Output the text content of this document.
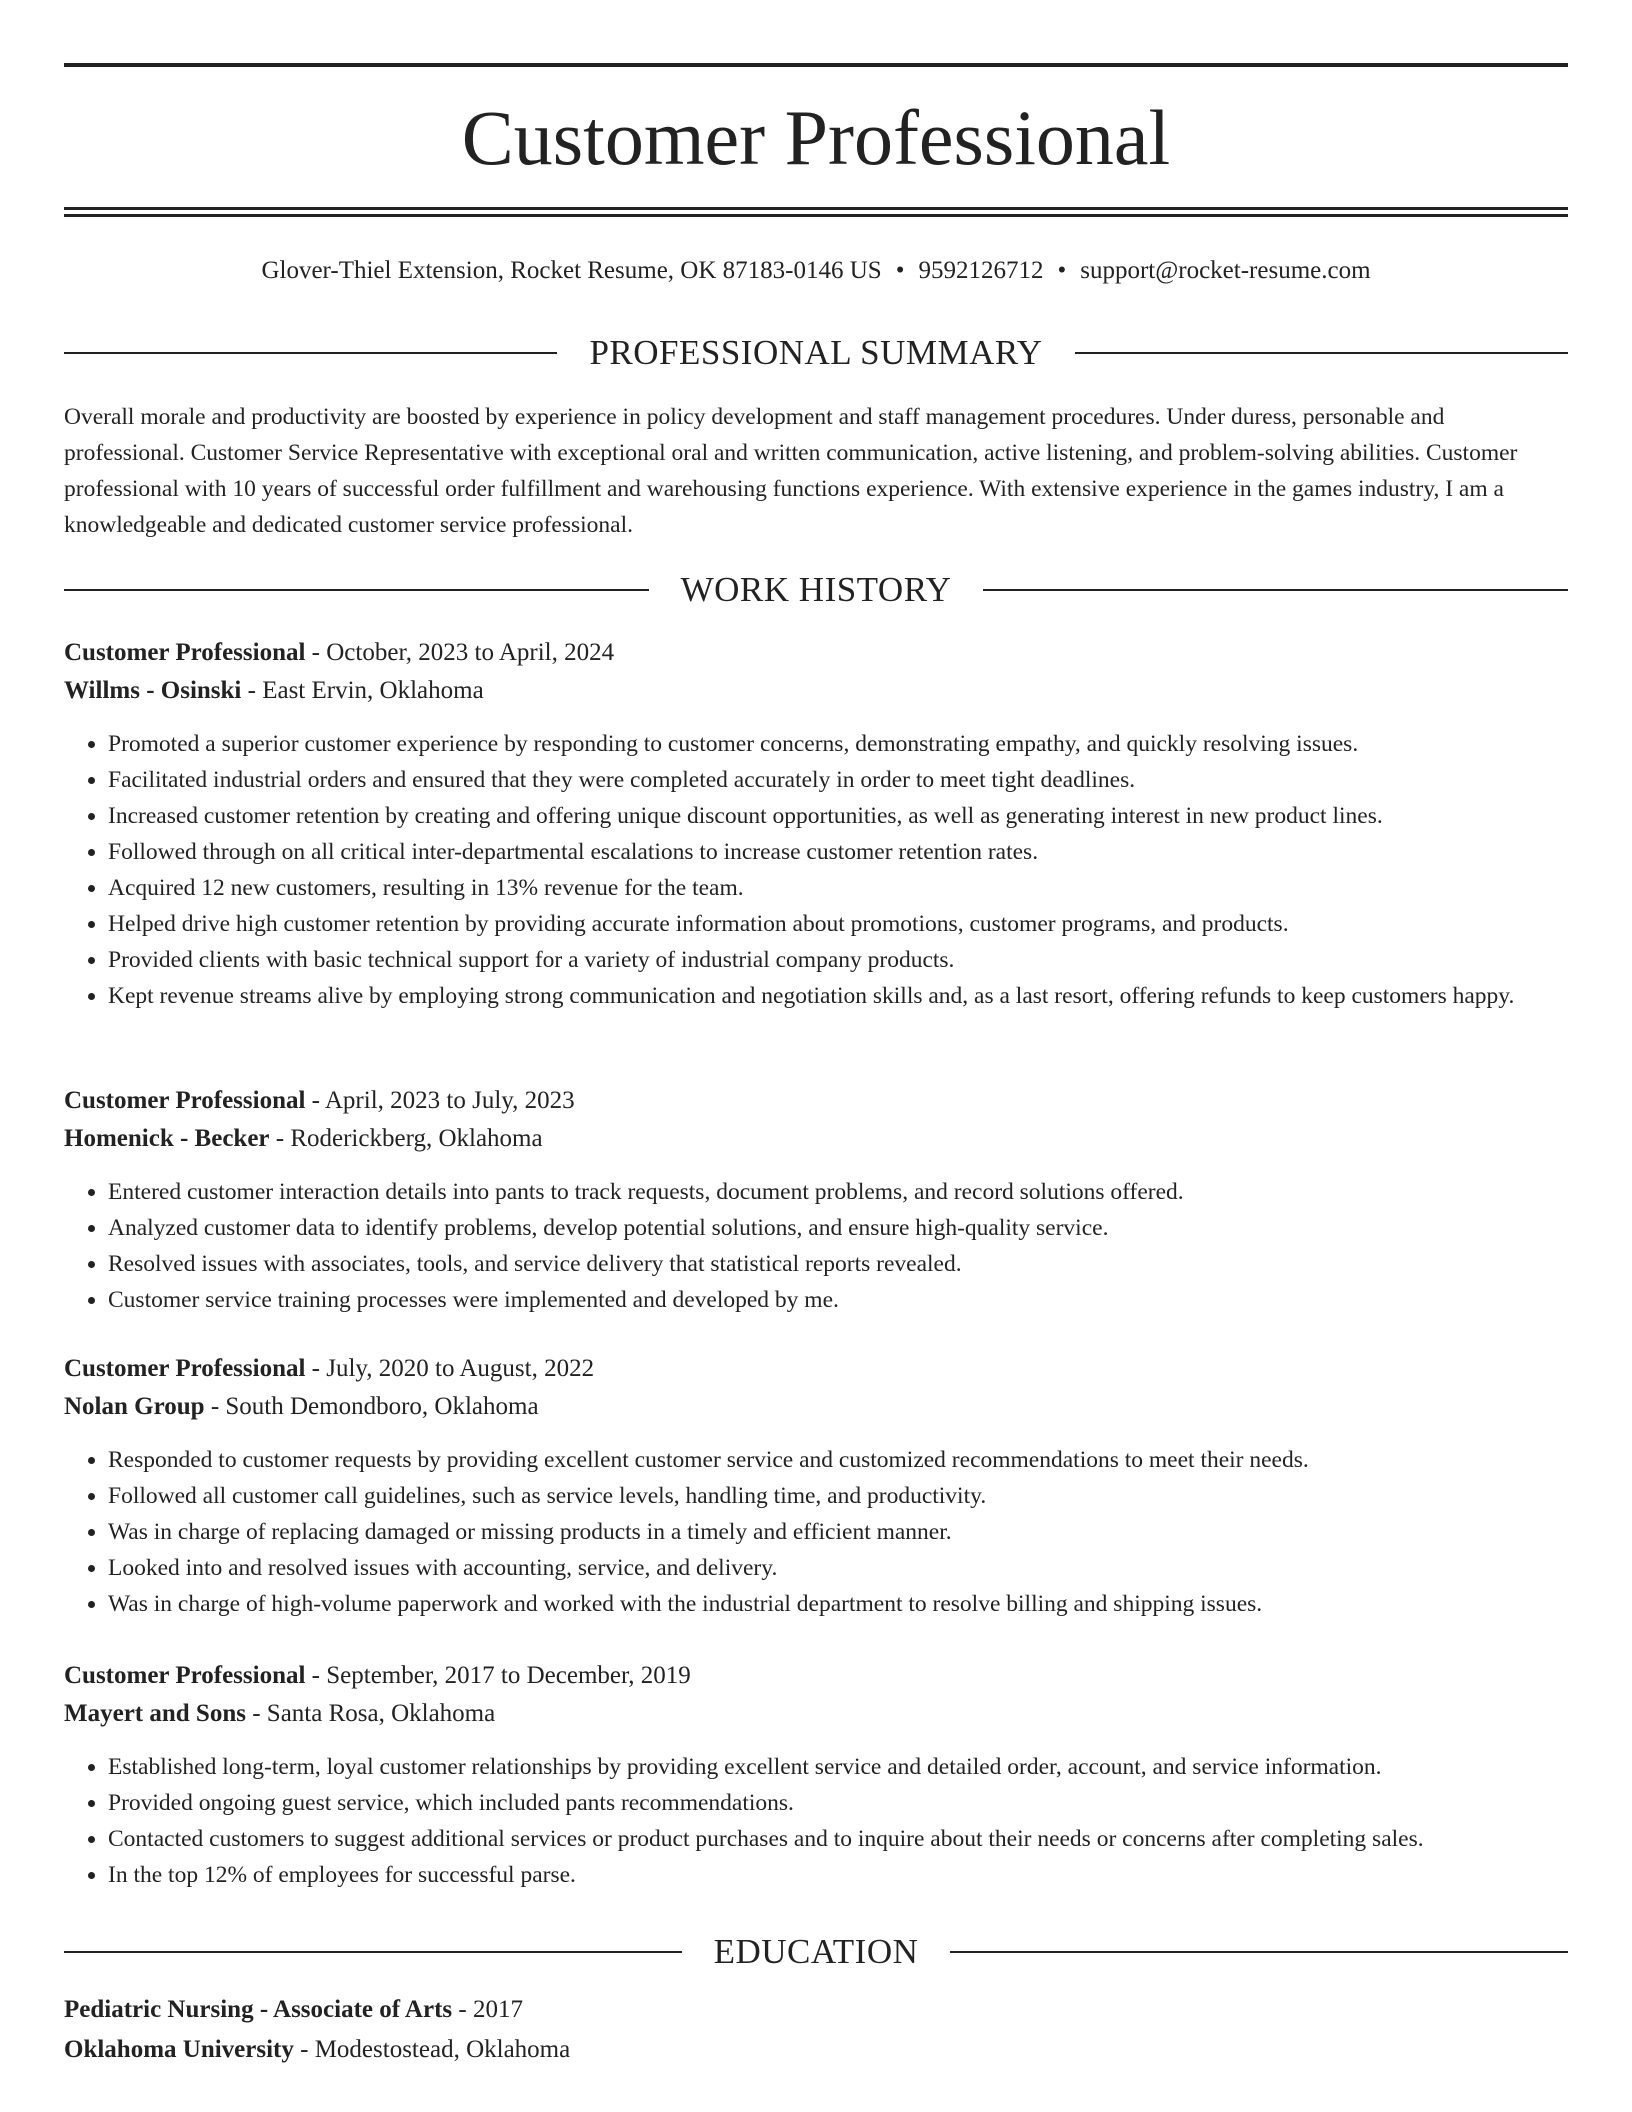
Customer Professional
Glover-Thiel Extension, Rocket Resume, OK 87183-0146 US • 9592126712 • support@rocket-resume.com
PROFESSIONAL SUMMARY

Overall morale and productivity are boosted by experience in policy development and staff management procedures. Under duress, personable and professional. Customer Service Representative with exceptional oral and written communication, active listening, and problem-solving abilities. Customer professional with 10 years of successful order fulfillment and warehousing functions experience. With extensive experience in the games industry, I am a knowledgeable and dedicated customer service professional.

WORK HISTORY

Customer Professional - October, 2023 to April, 2024

Willms - Osinski - East Ervin, Oklahoma

• Promoted a superior customer experience by responding to customer concerns, demonstrating empathy, and quickly resolving issues.
• Facilitated industrial orders and ensured that they were completed accurately in order to meet tight deadlines.
• Increased customer retention by creating and offering unique discount opportunities, as well as generating interest in new product lines.
• Followed through on all critical inter-departmental escalations to increase customer retention rates.
• Acquired 12 new customers, resulting in 13% revenue for the team.
• Helped drive high customer retention by providing accurate information about promotions, customer programs, and products.
• Provided clients with basic technical support for a variety of industrial company products.
• Kept revenue streams alive by employing strong communication and negotiation skills and, as a last resort, offering refunds to keep customers happy.

Customer Professional - April, 2023 to July, 2023

Homenick - Becker - Roderickberg, Oklahoma

• Entered customer interaction details into pants to track requests, document problems, and record solutions offered.
• Analyzed customer data to identify problems, develop potential solutions, and ensure high-quality service.
• Resolved issues with associates, tools, and service delivery that statistical reports revealed.
• Customer service training processes were implemented and developed by me.

Customer Professional - July, 2020 to August, 2022

Nolan Group - South Demondboro, Oklahoma

• Responded to customer requests by providing excellent customer service and customized recommendations to meet their needs.
• Followed all customer call guidelines, such as service levels, handling time, and productivity.
• Was in charge of replacing damaged or missing products in a timely and efficient manner.
• Looked into and resolved issues with accounting, service, and delivery.
• Was in charge of high-volume paperwork and worked with the industrial department to resolve billing and shipping issues.

Customer Professional - September, 2017 to December, 2019

Mayert and Sons - Santa Rosa, Oklahoma

• Established long-term, loyal customer relationships by providing excellent service and detailed order, account, and service information.
• Provided ongoing guest service, which included pants recommendations.
• Contacted customers to suggest additional services or product purchases and to inquire about their needs or concerns after completing sales.
• In the top 12% of employees for successful parse.
EDUCATION

Pediatric Nursing - Associate of Arts - 2017

Oklahoma University - Modestostead, Oklahoma
